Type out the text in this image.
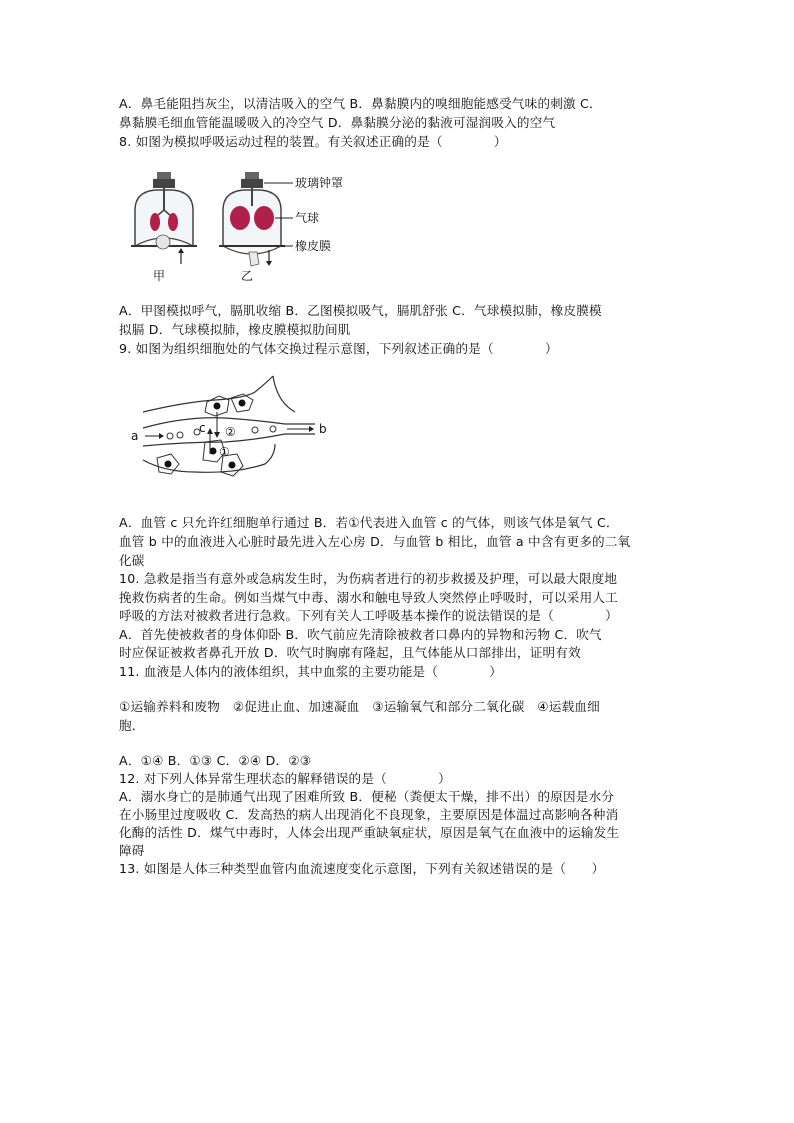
A．鼻毛能阻挡灰尘，以清洁吸入的空气 B．鼻黏膜内的嗅细胞能感受气味的刺激 C．
鼻黏膜毛细血管能温暖吸入的冷空气 D．鼻黏膜分泌的黏液可湿润吸入的空气
8. 如图为模拟呼吸运动过程的装置。有关叙述正确的是（　　　　）
甲	乙
玻璃钟罩
气球
橡皮膜
A．甲图模拟呼气，膈肌收缩 B．乙图模拟吸气，膈肌舒张 C．气球模拟肺，橡皮膜模
拟膈 D．气球模拟肺，橡皮膜模拟肋间肌
9. 如图为组织细胞处的气体交换过程示意图，下列叙述正确的是（　　　　）
a	b
c
①
②
A．血管 c 只允许红细胞单行通过 B．若①代表进入血管 c 的气体，则该气体是氧气 C．
血管 b 中的血液进入心脏时最先进入左心房 D．与血管 b 相比，血管 a 中含有更多的二氧
化碳
10. 急救是指当有意外或急病发生时，为伤病者进行的初步救援及护理，可以最大限度地
挽救伤病者的生命。例如当煤气中毒、溺水和触电导致人突然停止呼吸时，可以采用人工
呼吸的方法对被救者进行急救。下列有关人工呼吸基本操作的说法错误的是（　　　　）
A．首先使被救者的身体仰卧 B．吹气前应先清除被救者口鼻内的异物和污物 C．吹气
时应保证被救者鼻孔开放 D．吹气时胸廓有隆起，且气体能从口部排出，证明有效
11. 血液是人体内的液体组织，其中血浆的主要功能是（　　　　）
①运输养料和废物　②促进止血、加速凝血　③运输氧气和部分二氧化碳　④运载血细
胞．
A．①④ B．①③ C．②④ D．②③
12. 对下列人体异常生理状态的解释错误的是（　　　　）
A．溺水身亡的是肺通气出现了困难所致 B．便秘（粪便太干燥，排不出）的原因是水分
在小肠里过度吸收 C．发高热的病人出现消化不良现象，主要原因是体温过高影响各种消
化酶的活性 D．煤气中毒时，人体会出现严重缺氧症状，原因是氧气在血液中的运输发生
障碍
13. 如图是人体三种类型血管内血流速度变化示意图，下列有关叙述错误的是（　　）
